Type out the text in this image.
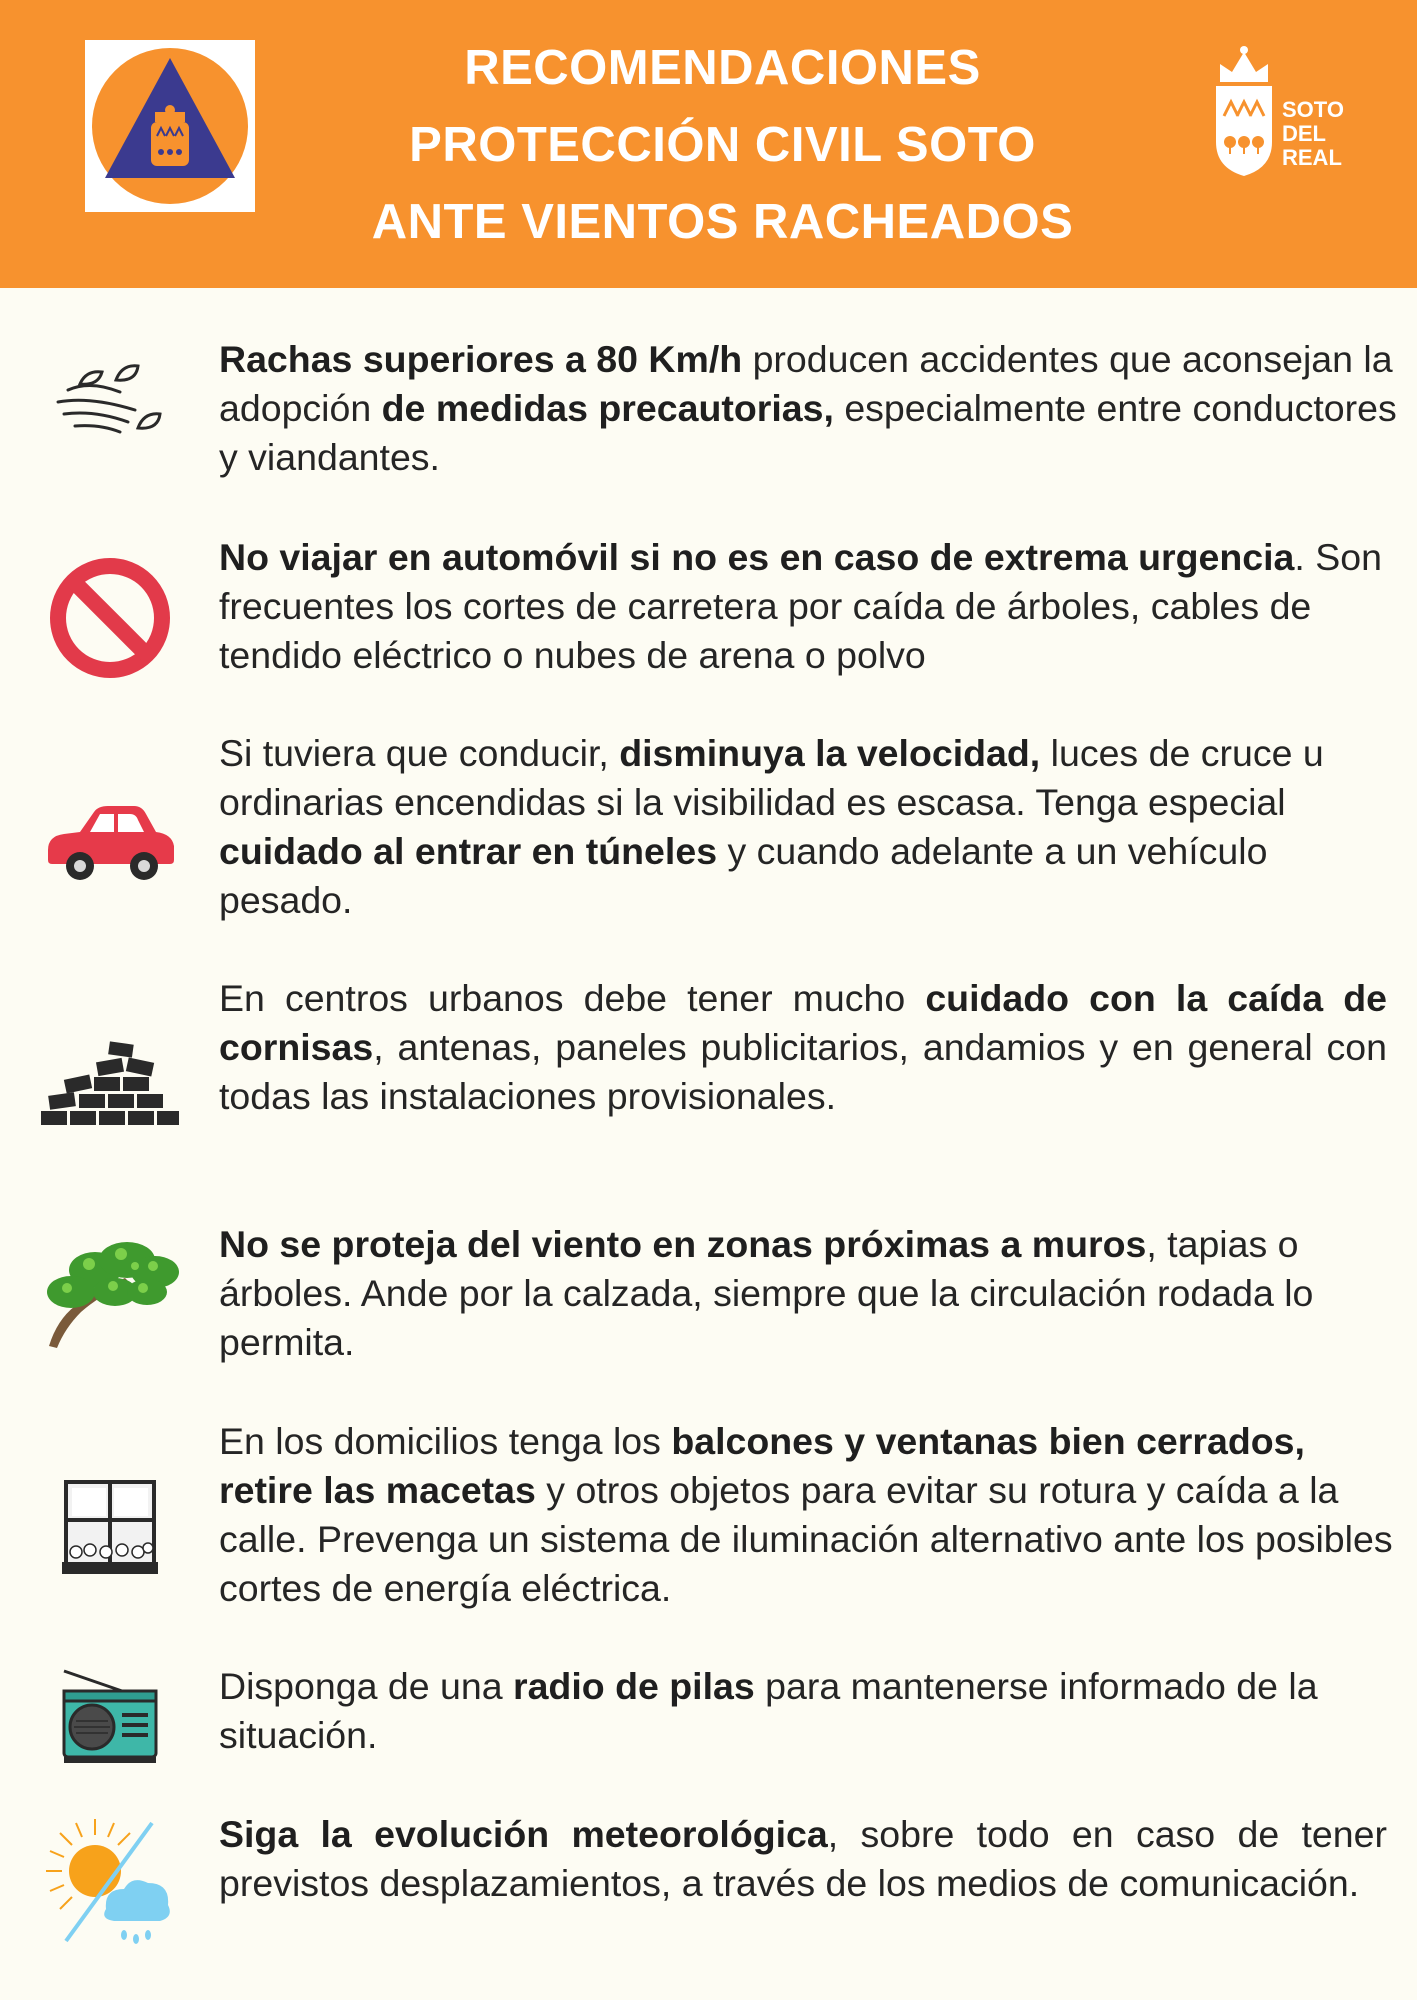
RECOMENDACIONES
PROTECCIÓN CIVIL SOTO
ANTE VIENTOS RACHEADOS
SOTO
DEL
REAL
Rachas superiores a 80 Km/h producen accidentes que aconsejan la adopción de medidas precautorias, especialmente entre conductores y viandantes.
No viajar en automóvil si no es en caso de extrema urgencia. Son frecuentes los cortes de carretera por caída de árboles, cables de tendido eléctrico o nubes de arena o polvo
Si tuviera que conducir, disminuya la velocidad, luces de cruce u ordinarias encendidas si la visibilidad es escasa. Tenga especial cuidado al entrar en túneles y cuando adelante a un vehículo pesado.
En centros urbanos debe tener mucho cuidado con la caída de cornisas, antenas, paneles publicitarios, andamios y en general con todas las instalaciones provisionales.
No se proteja del viento en zonas próximas a muros, tapias o árboles. Ande por la calzada, siempre que la circulación rodada lo permita.
En los domicilios tenga los balcones y ventanas bien cerrados, retire las macetas y otros objetos para evitar su rotura y caída a la calle. Prevenga un sistema de iluminación alternativo ante los posibles cortes de energía eléctrica.
Disponga de una radio de pilas para mantenerse informado de la situación.
Siga la evolución meteorológica, sobre todo en caso de tener previstos desplazamientos, a través de los medios de comunicación.
